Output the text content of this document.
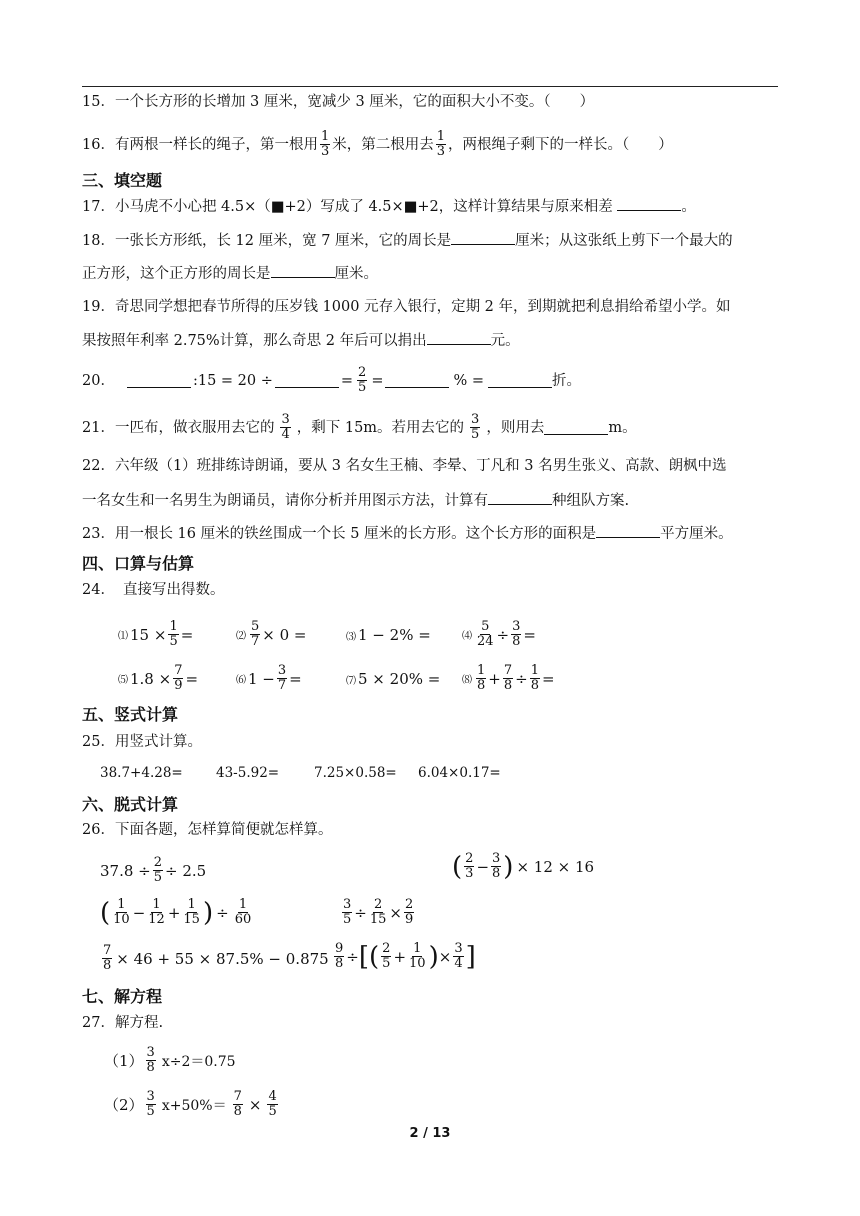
15．一个长方形的长增加 3 厘米，宽减少 3 厘米，它的面积大小不变。（　　）
16． 有两根一样长的绳子，第一根用 $\frac{1}{3}$ 米，第二根用去 $\frac{1}{3}$ ，两根绳子剩下的一样长。（　　）
三、填空题
17．小马虎不小心把 4.5×（■+2）写成了 4.5×■+2，这样计算结果与原来相差	。
18．一张长方形纸，长 12 厘米，宽 7 厘米，它的周长是	厘米；从这张纸上剪下一个最大的
正方形，这个正方形的周长是	厘米。
19．奇思同学想把春节所得的压岁钱 1000 元存入银行，定期 2 年，到期就把利息捐给希望小学。如
果按照年利率 2.75%计算，那么奇思 2 年后可以捐出	元。
20．	:15 = 20 ÷	= $\frac{2}{5}$ =	% =	折。
21． 一匹布，做衣服用去它的 $\frac{3}{4}$ ，剩下 15m。若用去它的 $\frac{3}{5}$ ，则用去	m。
22．六年级（1）班排练诗朗诵，要从 3 名女生王楠、李晕、丁凡和 3 名男生张义、高款、朗枫中选
一名女生和一名男生为朗诵员，请你分析并用图示方法，计算有	种组队方案.
23．用一根长 16 厘米的铁丝围成一个长 5 厘米的长方形。这个长方形的面积是	平方厘米。
四、口算与估算
24． 直接写出得数。
⑴ $15 \times \frac{1}{5}$ =	⑵ $\frac{5}{7} \times 0$ =	⑶ 1 − 2% =	⑷ $\frac{5}{24} \div \frac{3}{8}$ =
⑸ $1.8 \times \frac{7}{9}$ =	⑹ $1 - \frac{3}{7}$ =	⑺ 5 × 20% = ⑻ $\frac{1}{8} + \frac{7}{8} \div \frac{1}{8}$ =
五、竖式计算
25．用竖式计算。
38.7+4.28= 43-5.92=	7.25×0.58= 6.04×0.17=
六、脱式计算
26．下面各题，怎样算简便就怎样算。
$37.8 \div \frac{2}{5} \div 2.5$	( $\frac{2}{3} - \frac{3}{8}$ ) × 12 × 16
( $\frac{1}{10} - \frac{1}{12} + \frac{1}{15}$ ) ÷ $\frac{1}{60}$	$\frac{3}{5} \div \frac{2}{15} \times \frac{2}{9}$
$\frac{7}{8} \times 46 + 55 \times 87.5\% - 0.875 \frac{9}{8}$ ÷ [ ( $\frac{2}{5} + \frac{1}{10}$ ) × $\frac{3}{4}$ ]
七、解方程
27．解方程.
$(1) \frac{3}{8} x\div 2=0.75$
$(2) \frac{3}{5} x+50\%= \frac{7}{8} \times \frac{4}{5}$
2 / 13
